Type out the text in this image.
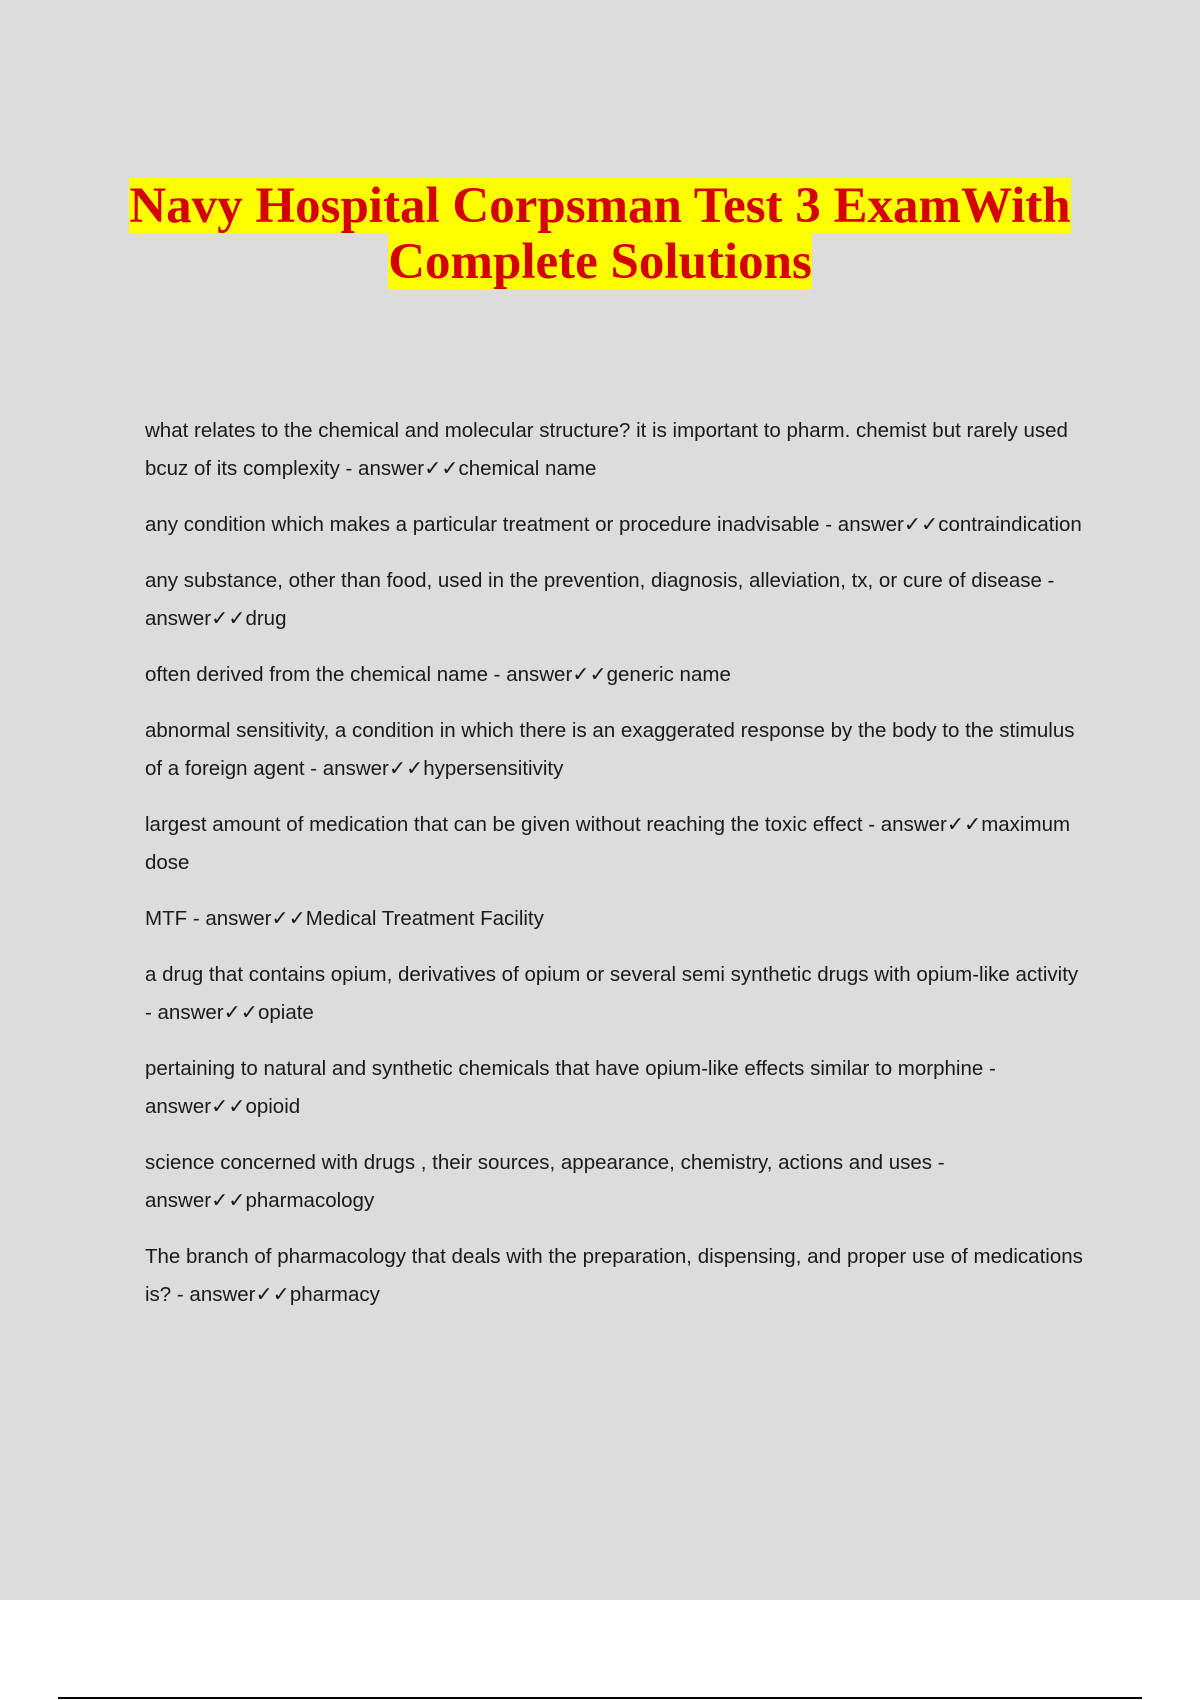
Navy Hospital Corpsman Test 3 ExamWith
Complete Solutions

what relates to the chemical and molecular structure? it is important to pharm. chemist but rarely used bcuz of its complexity - answer✓✓chemical name

any condition which makes a particular treatment or procedure inadvisable - answer✓✓contraindication

any substance, other than food, used in the prevention, diagnosis, alleviation, tx, or cure of disease - answer✓✓drug

often derived from the chemical name - answer✓✓generic name

abnormal sensitivity, a condition in which there is an exaggerated response by the body to the stimulus of a foreign agent - answer✓✓hypersensitivity

largest amount of medication that can be given without reaching the toxic effect - answer✓✓maximum dose

MTF - answer✓✓Medical Treatment Facility

a drug that contains opium, derivatives of opium or several semi synthetic drugs with opium-like activity - answer✓✓opiate

pertaining to natural and synthetic chemicals that have opium-like effects similar to morphine - answer✓✓opioid

science concerned with drugs , their sources, appearance, chemistry, actions and uses - answer✓✓pharmacology

The branch of pharmacology that deals with the preparation, dispensing, and proper use of medications is? - answer✓✓pharmacy
